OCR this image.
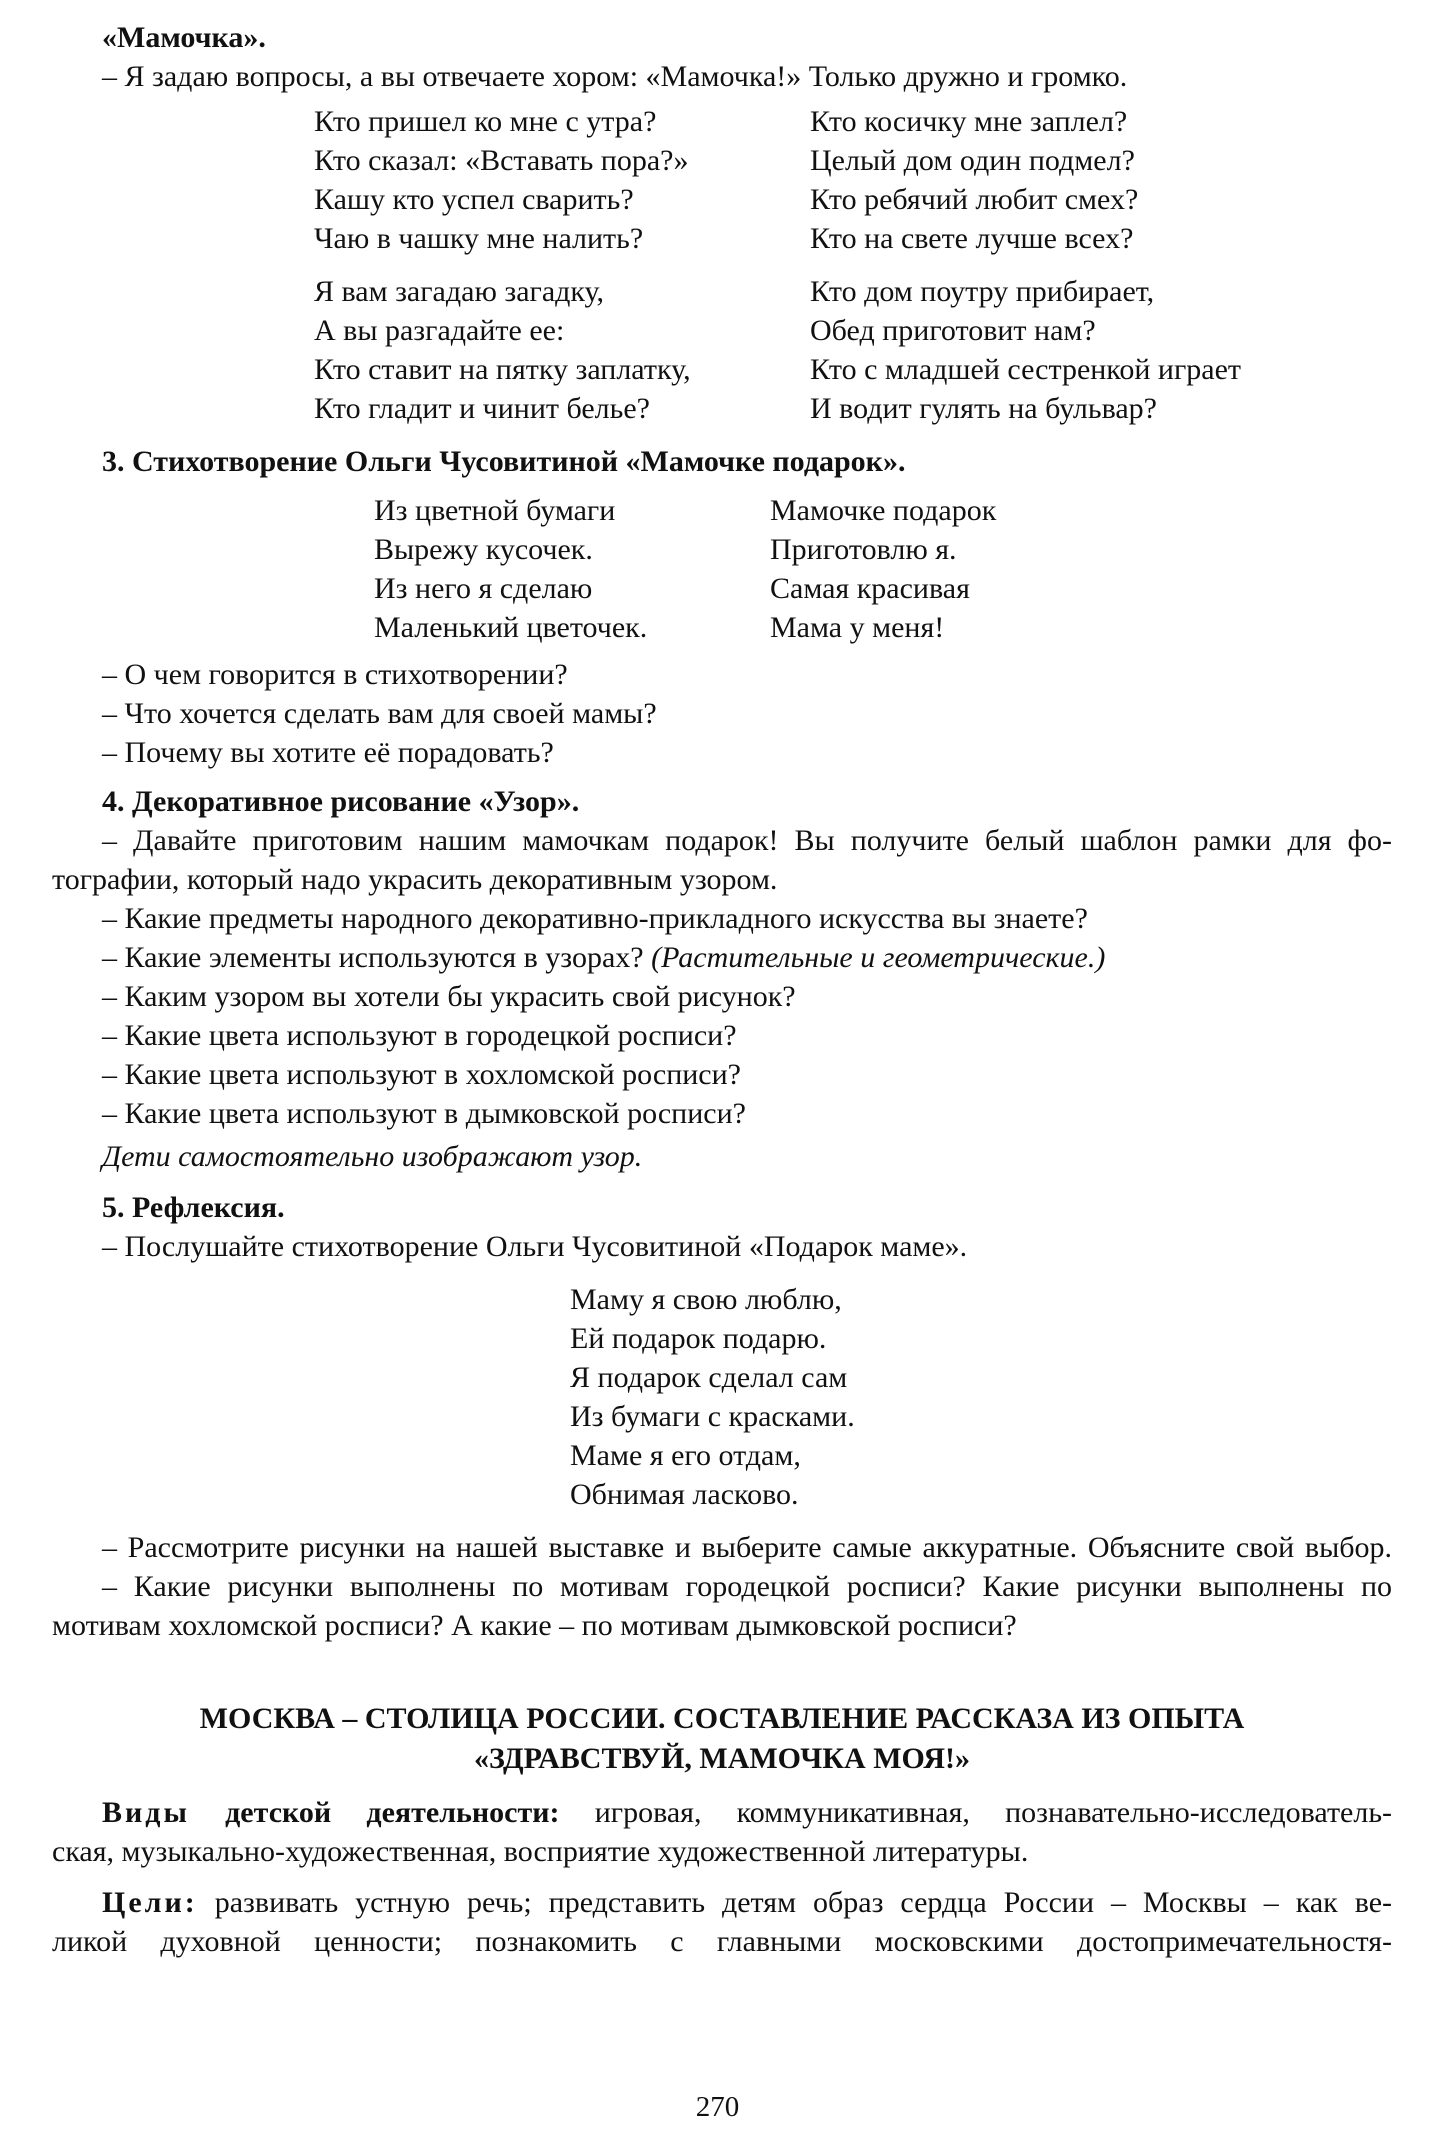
«Мамочка».

– Я задаю вопросы, а вы отвечаете хором: «Мамочка!» Только дружно и громко.

Кто пришел ко мне с утра?
Кто сказал: «Вставать пора?»
Кашу кто успел сварить?
Чаю в чашку мне налить?
Кто косичку мне заплел?
Целый дом один подмел?
Кто ребячий любит смех?
Кто на свете лучше всех?
Я вам загадаю загадку,
А вы разгадайте ее:
Кто ставит на пятку заплатку,
Кто гладит и чинит белье?
Кто дом поутру прибирает,
Обед приготовит нам?
Кто с младшей сестренкой играет
И водит гулять на бульвар?

3. Стихотворение Ольги Чусовитиной «Мамочке подарок».

Из цветной бумаги
Вырежу кусочек.
Из него я сделаю
Маленький цветочек.
Мамочке подарок
Приготовлю я.
Самая красивая
Мама у меня!

– О чем говорится в стихотворении?

– Что хочется сделать вам для своей мамы?

– Почему вы хотите её порадовать?

4. Декоративное рисование «Узор».

– Давайте приготовим нашим мамочкам подарок! Вы получите белый шаблон рамки для фо-

тографии, который надо украсить декоративным узором.

– Какие предметы народного декоративно-прикладного искусства вы знаете?

– Какие элементы используются в узорах? (Растительные и геометрические.)

– Каким узором вы хотели бы украсить свой рисунок?

– Какие цвета используют в городецкой росписи?

– Какие цвета используют в хохломской росписи?

– Какие цвета используют в дымковской росписи?

Дети самостоятельно изображают узор.

5. Рефлексия.

– Послушайте стихотворение Ольги Чусовитиной «Подарок маме».

Маму я свою люблю,
Ей подарок подарю.
Я подарок сделал сам
Из бумаги с красками.
Маме я его отдам,
Обнимая ласково.

– Рассмотрите рисунки на нашей выставке и выберите самые аккуратные. Объясните свой выбор.

– Какие рисунки выполнены по мотивам городецкой росписи? Какие рисунки выполнены по

мотивам хохломской росписи? А какие – по мотивам дымковской росписи?

МОСКВА – СТОЛИЦА РОССИИ. СОСТАВЛЕНИЕ РАССКАЗА ИЗ ОПЫТА
«ЗДРАВСТВУЙ, МАМОЧКА МОЯ!»

Виды детской деятельности: игровая, коммуникативная, познавательно-исследователь-

ская, музыкально-художественная, восприятие художественной литературы.

Цели: развивать устную речь; представить детям образ сердца России – Москвы – как ве-

ликой духовной ценности; познакомить с главными московскими достопримечательностя-

270
